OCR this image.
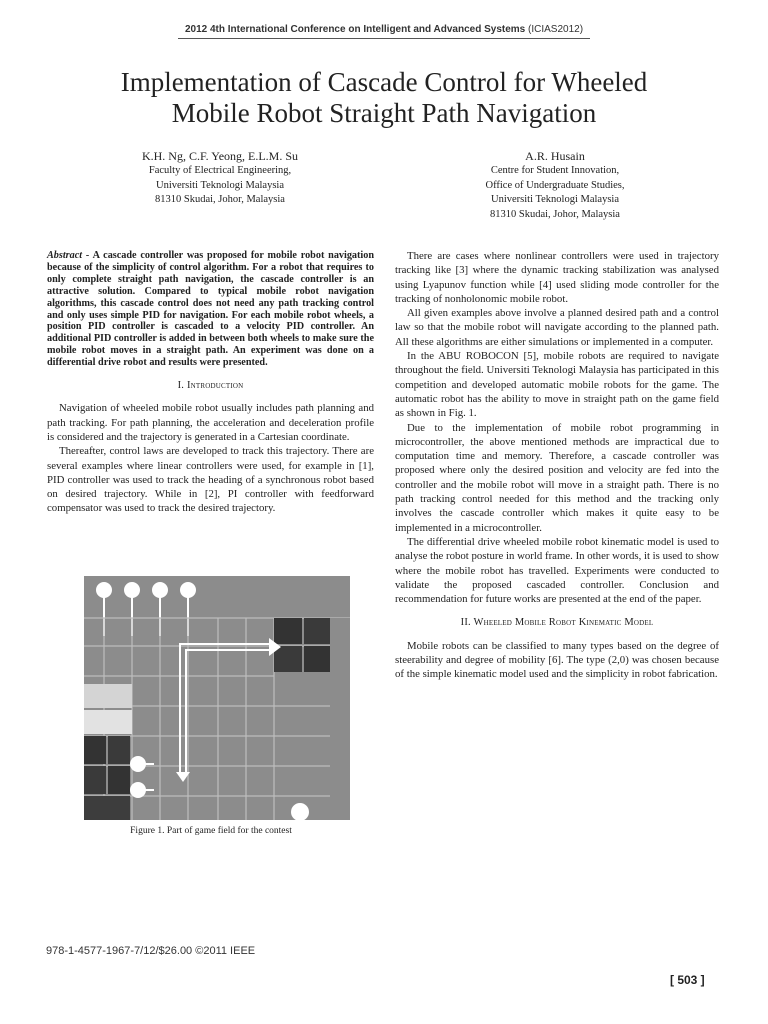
2012 4th International Conference on Intelligent and Advanced Systems (ICIAS2012)
Implementation of Cascade Control for Wheeled
Mobile Robot Straight Path Navigation
K.H. Ng, C.F. Yeong, E.L.M. Su
Faculty of Electrical Engineering,
Universiti Teknologi Malaysia
81310 Skudai, Johor, Malaysia
A.R. Husain
Centre for Student Innovation,
Office of Undergraduate Studies,
Universiti Teknologi Malaysia
81310 Skudai, Johor, Malaysia

Abstract - A cascade controller was proposed for mobile robot navigation because of the simplicity of control algorithm. For a robot that requires to only complete straight path navigation, the cascade controller is an attractive solution. Compared to typical mobile robot navigation algorithms, this cascade control does not need any path tracking control and only uses simple PID for navigation. For each mobile robot wheels, a position PID controller is cascaded to a velocity PID controller. An additional PID controller is added in between both wheels to make sure the mobile robot moves in a straight path. An experiment was done on a differential drive robot and results were presented.

I. Introduction

Navigation of wheeled mobile robot usually includes path planning and path tracking. For path planning, the acceleration and deceleration profile is considered and the trajectory is generated in a Cartesian coordinate.

Thereafter, control laws are developed to track this trajectory. There are several examples where linear controllers were used, for example in [1], PID controller was used to track the heading of a synchronous robot based on desired trajectory. While in [2], PI controller with feedforward compensator was used to track the desired trajectory.

Figure 1. Part of game field for the contest

There are cases where nonlinear controllers were used in trajectory tracking like [3] where the dynamic tracking stabilization was analysed using Lyapunov function while [4] used sliding mode controller for the tracking of nonholonomic mobile robot.

All given examples above involve a planned desired path and a control law so that the mobile robot will navigate according to the planned path. All these algorithms are either simulations or implemented in a computer.

In the ABU ROBOCON [5], mobile robots are required to navigate throughout the field. Universiti Teknologi Malaysia has participated in this competition and developed automatic mobile robots for the game. The automatic robot has the ability to move in straight path on the game field as shown in Fig. 1.

Due to the implementation of mobile robot programming in microcontroller, the above mentioned methods are impractical due to computation time and memory. Therefore, a cascade controller was proposed where only the desired position and velocity are fed into the controller and the mobile robot will move in a straight path. There is no path tracking control needed for this method and the tracking only involves the cascade controller which makes it quite easy to be implemented in a microcontroller.

The differential drive wheeled mobile robot kinematic model is used to analyse the robot posture in world frame. In other words, it is used to show where the mobile robot has travelled. Experiments were conducted to validate the proposed cascaded controller. Conclusion and recommendation for future works are presented at the end of the paper.

II. Wheeled Mobile Robot Kinematic Model

Mobile robots can be classified to many types based on the degree of steerability and degree of mobility [6]. The type (2,0) was chosen because of the simple kinematic model used and the simplicity in robot fabrication.

978-1-4577-1967-7/12/$26.00 ©2011 IEEE
[ 503 ]
